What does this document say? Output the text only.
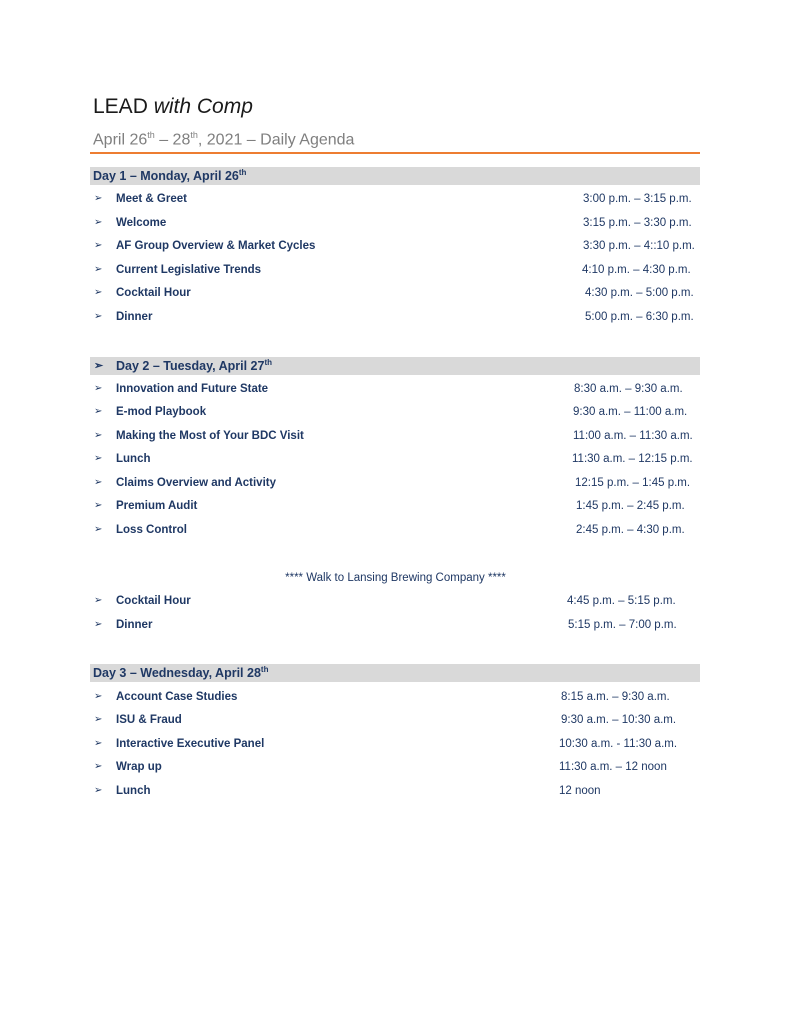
LEAD with Comp
April 26th – 28th, 2021 – Daily Agenda
Day 1 – Monday, April 26th
➢ Meet & Greet	3:00 p.m. – 3:15 p.m.
➢ Welcome	3:15 p.m. – 3:30 p.m.
➢ AF Group Overview & Market Cycles	3:30 p.m. – 4::10 p.m.
➢ Current Legislative Trends	4:10 p.m. – 4:30 p.m.
➢ Cocktail Hour	4:30 p.m. – 5:00 p.m.
➢ Dinner	5:00 p.m. – 6:30 p.m.
➢ Day 2 – Tuesday, April 27th
➢ Innovation and Future State	8:30 a.m. – 9:30 a.m.
➢ E-mod Playbook	9:30 a.m. – 11:00 a.m.
➢ Making the Most of Your BDC Visit	11:00 a.m. – 11:30 a.m.
➢ Lunch	11:30 a.m. – 12:15 p.m.
➢ Claims Overview and Activity	12:15 p.m. – 1:45 p.m.
➢ Premium Audit	1:45 p.m. – 2:45 p.m.
➢ Loss Control	2:45 p.m. – 4:30 p.m.
**** Walk to Lansing Brewing Company ****
➢ Cocktail Hour	4:45 p.m. – 5:15 p.m.
➢ Dinner	5:15 p.m. – 7:00 p.m.
Day 3 – Wednesday, April 28th
➢ Account Case Studies	8:15 a.m. – 9:30 a.m.
➢ ISU & Fraud	9:30 a.m. – 10:30 a.m.
➢ Interactive Executive Panel	10:30 a.m. - 11:30 a.m.
➢ Wrap up	11:30 a.m. – 12 noon
➢ Lunch	12 noon
